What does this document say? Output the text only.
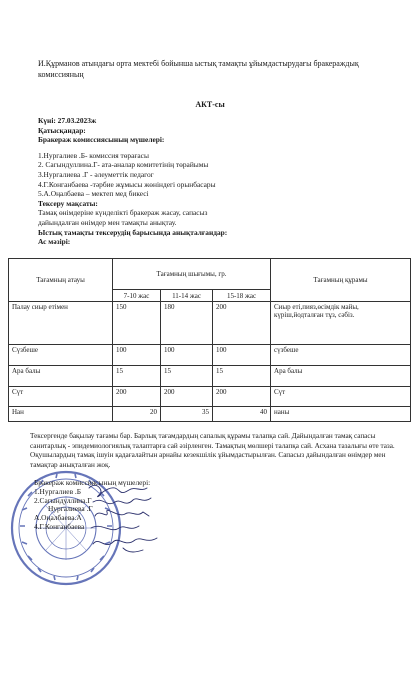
И.Құрманов атындағы орта мектебі бойынша ыстық тамақты ұйымдастырудағы бракераждық комиссияның
АКТ-сы
Күні: 27.03.2023ж
Қатысқандар:
Бракераж комиссиясының мүшелері:
1.Нургалиев .Б- комиссия төрағасы
2. Сагындуллина.Г- ата-аналар комитетінің төрайымы
3.Нургалиева .Г - әлеуметтік педагог
4.Г.Конганбаева -тәрбие жұмысы жөніндегі орынбасары
5.А.Оңалбаева – мектеп мед бикесі
Тексеру мақсаты:
Тамақ өнімдеріне күнделікті бракераж жасау, сапасыз
дайындалған өнімдер мен тамақты анықтау.
Ыстық тамақты тексерудің барысында анықталғандар:
Ас мәзірі:
Тағамның атауы	Тағамның шығымы, гр.			Тағамның құрамы
	7-10 жас	11-14 жас	15-18 жас	
Палау сиыр етімен	150	180	200	Сиыр еті,пияз,өсімдік майы, күріш,йодталған тұз, сәбіз.
Сүзбеше	100	100	100	сүзбеше
Ара балы	15	15	15	Ара балы
Сүт	200	200	200	Сүт
Нан	20	35	40	наны
Тексергенде бақылау тағамы бар. Барлық тағамдардың сапалық құрамы талапқа сай. Дайындалған тамақ сапасы санитарлық - эпидемиологиялық талаптарға сай әзірленген. Тамақтың мөлшері талапқа сай. Асхана тазалығы өте таза. Оқушылардың тамақ ішуін қадағалайтын арнайы кезекшілік ұйымдастырылған. Сапасыз дайындалған өнімдер мен тамақтар анықталған жоқ.
Бракераж комиссиясының мүшелері:
1.Нургалиев .Б
2.Сагындуллина.Г
Нургалиева .Г
А.Оңалбаева.А
4.Г.Конганбаева
